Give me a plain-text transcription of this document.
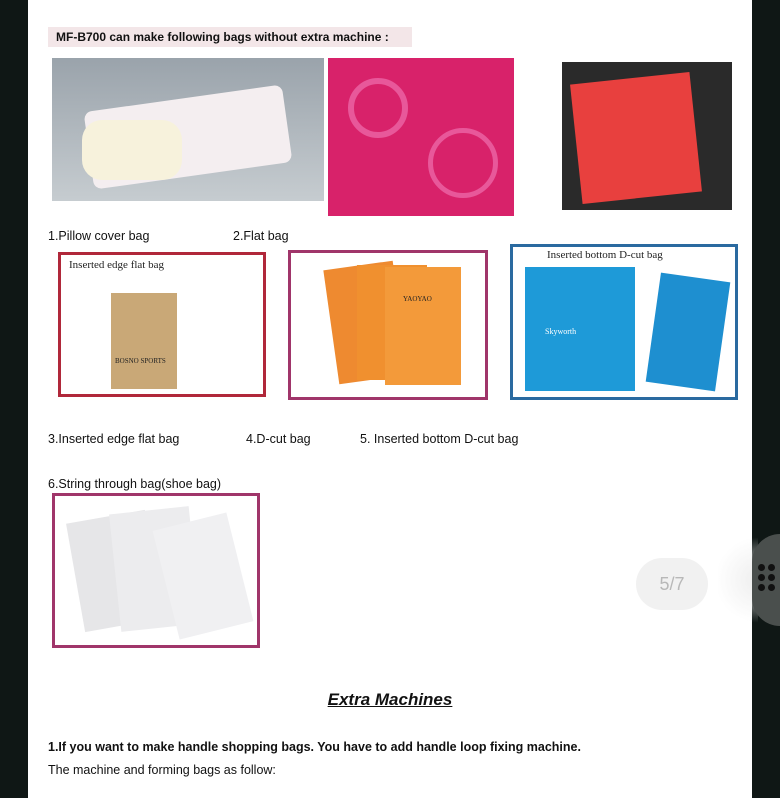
MF-B700 can make following bags without extra machine :
1.Pillow cover bag	2.Flat bag
Inserted edge flat bag
BOSNO SPORTS
YAOYAO
Inserted bottom D-cut bag
Skyworth
3.Inserted edge flat bag	4.D-cut bag	5. Inserted bottom D-cut bag
6.String through bag(shoe bag)
Extra Machines
1.If you want to make handle shopping bags. You have to add handle loop fixing machine.
The machine and forming bags as follow:
5/7
